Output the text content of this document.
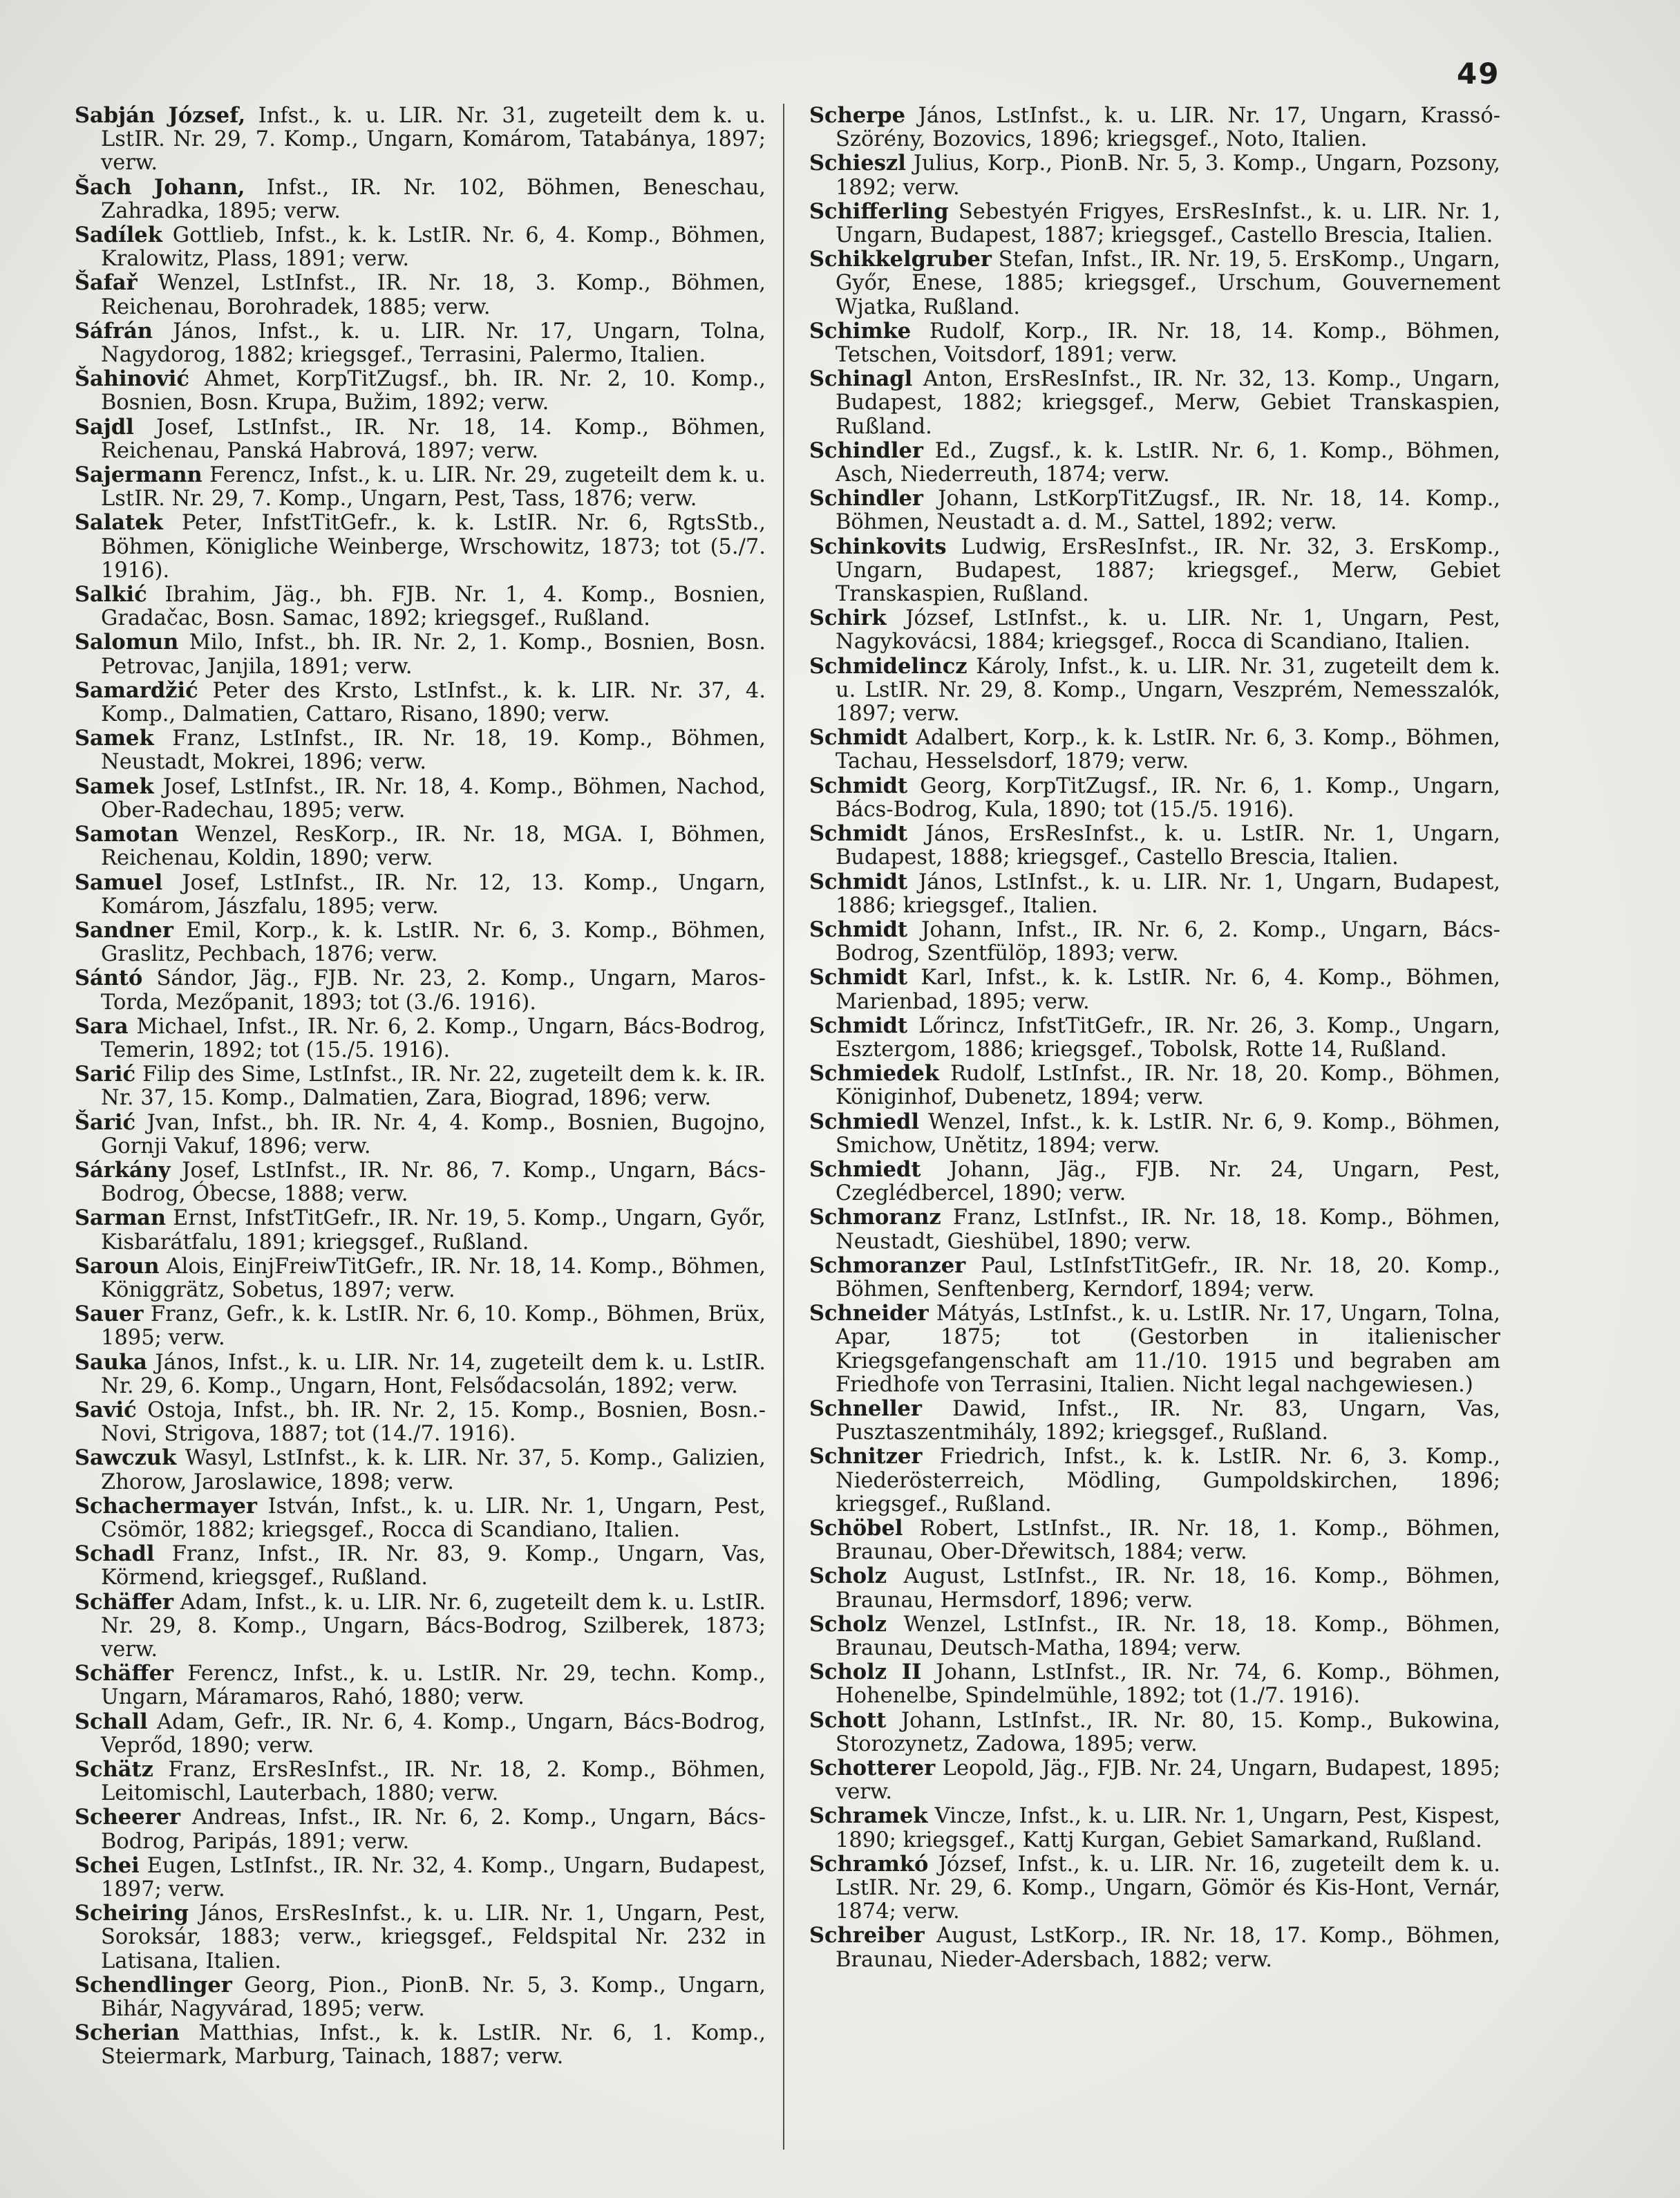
49
Sabján József, Infst., k. u. LIR. Nr. 31, zugeteilt dem k. u. LstIR. Nr. 29, 7. Komp., Ungarn, Komárom, Tatabánya, 1897; verw.
Šach Johann, Infst., IR. Nr. 102, Böhmen, Beneschau, Zahradka, 1895; verw.
Sadílek Gottlieb, Infst., k. k. LstIR. Nr. 6, 4. Komp., Böhmen, Kralowitz, Plass, 1891; verw.
Šafař Wenzel, LstInfst., IR. Nr. 18, 3. Komp., Böhmen, Reichenau, Borohradek, 1885; verw.
Sáfrán János, Infst., k. u. LIR. Nr. 17, Ungarn, Tolna, Nagydorog, 1882; kriegsgef., Terrasini, Palermo, Italien.
Šahinović Ahmet, KorpTitZugsf., bh. IR. Nr. 2, 10. Komp., Bosnien, Bosn. Krupa, Bužim, 1892; verw.
Sajdl Josef, LstInfst., IR. Nr. 18, 14. Komp., Böhmen, Reichenau, Panská Habrová, 1897; verw.
Sajermann Ferencz, Infst., k. u. LIR. Nr. 29, zugeteilt dem k. u. LstIR. Nr. 29, 7. Komp., Ungarn, Pest, Tass, 1876; verw.
Salatek Peter, InfstTitGefr., k. k. LstIR. Nr. 6, RgtsStb., Böhmen, Königliche Weinberge, Wrschowitz, 1873; tot (5./7. 1916).
Salkić Ibrahim, Jäg., bh. FJB. Nr. 1, 4. Komp., Bosnien, Gradačac, Bosn. Samac, 1892; kriegsgef., Rußland.
Salomun Milo, Infst., bh. IR. Nr. 2, 1. Komp., Bosnien, Bosn. Petrovac, Janjila, 1891; verw.
Samardžić Peter des Krsto, LstInfst., k. k. LIR. Nr. 37, 4. Komp., Dalmatien, Cattaro, Risano, 1890; verw.
Samek Franz, LstInfst., IR. Nr. 18, 19. Komp., Böhmen, Neustadt, Mokrei, 1896; verw.
Samek Josef, LstInfst., IR. Nr. 18, 4. Komp., Böhmen, Nachod, Ober-Radechau, 1895; verw.
Samotan Wenzel, ResKorp., IR. Nr. 18, MGA. I, Böhmen, Reichenau, Koldin, 1890; verw.
Samuel Josef, LstInfst., IR. Nr. 12, 13. Komp., Ungarn, Komárom, Jászfalu, 1895; verw.
Sandner Emil, Korp., k. k. LstIR. Nr. 6, 3. Komp., Böhmen, Graslitz, Pechbach, 1876; verw.
Sántó Sándor, Jäg., FJB. Nr. 23, 2. Komp., Ungarn, Maros-Torda, Mezőpanit, 1893; tot (3./6. 1916).
Sara Michael, Infst., IR. Nr. 6, 2. Komp., Ungarn, Bács-Bodrog, Temerin, 1892; tot (15./5. 1916).
Sarić Filip des Sime, LstInfst., IR. Nr. 22, zugeteilt dem k. k. IR. Nr. 37, 15. Komp., Dalmatien, Zara, Biograd, 1896; verw.
Šarić Jvan, Infst., bh. IR. Nr. 4, 4. Komp., Bosnien, Bugojno, Gornji Vakuf, 1896; verw.
Sárkány Josef, LstInfst., IR. Nr. 86, 7. Komp., Ungarn, Bács-Bodrog, Óbecse, 1888; verw.
Sarman Ernst, InfstTitGefr., IR. Nr. 19, 5. Komp., Ungarn, Győr, Kisbarátfalu, 1891; kriegsgef., Rußland.
Saroun Alois, EinjFreiwTitGefr., IR. Nr. 18, 14. Komp., Böhmen, Königgrätz, Sobetus, 1897; verw.
Sauer Franz, Gefr., k. k. LstIR. Nr. 6, 10. Komp., Böhmen, Brüx, 1895; verw.
Sauka János, Infst., k. u. LIR. Nr. 14, zugeteilt dem k. u. LstIR. Nr. 29, 6. Komp., Ungarn, Hont, Felsődacsolán, 1892; verw.
Savić Ostoja, Infst., bh. IR. Nr. 2, 15. Komp., Bosnien, Bosn.-Novi, Strigova, 1887; tot (14./7. 1916).
Sawczuk Wasyl, LstInfst., k. k. LIR. Nr. 37, 5. Komp., Galizien, Zhorow, Jaroslawice, 1898; verw.
Schachermayer István, Infst., k. u. LIR. Nr. 1, Ungarn, Pest, Csömör, 1882; kriegsgef., Rocca di Scandiano, Italien.
Schadl Franz, Infst., IR. Nr. 83, 9. Komp., Ungarn, Vas, Körmend, kriegsgef., Rußland.
Schäffer Adam, Infst., k. u. LIR. Nr. 6, zugeteilt dem k. u. LstIR. Nr. 29, 8. Komp., Ungarn, Bács-Bodrog, Szilberek, 1873; verw.
Schäffer Ferencz, Infst., k. u. LstIR. Nr. 29, techn. Komp., Ungarn, Máramaros, Rahó, 1880; verw.
Schall Adam, Gefr., IR. Nr. 6, 4. Komp., Ungarn, Bács-Bodrog, Veprőd, 1890; verw.
Schätz Franz, ErsResInfst., IR. Nr. 18, 2. Komp., Böhmen, Leitomischl, Lauterbach, 1880; verw.
Scheerer Andreas, Infst., IR. Nr. 6, 2. Komp., Ungarn, Bács-Bodrog, Paripás, 1891; verw.
Schei Eugen, LstInfst., IR. Nr. 32, 4. Komp., Ungarn, Budapest, 1897; verw.
Scheiring János, ErsResInfst., k. u. LIR. Nr. 1, Ungarn, Pest, Soroksár, 1883; verw., kriegsgef., Feldspital Nr. 232 in Latisana, Italien.
Schendlinger Georg, Pion., PionB. Nr. 5, 3. Komp., Ungarn, Bihár, Nagyvárad, 1895; verw.
Scherian Matthias, Infst., k. k. LstIR. Nr. 6, 1. Komp., Steiermark, Marburg, Tainach, 1887; verw.
Scherpe János, LstInfst., k. u. LIR. Nr. 17, Ungarn, Krassó-Szörény, Bozovics, 1896; kriegsgef., Noto, Italien.
Schieszl Julius, Korp., PionB. Nr. 5, 3. Komp., Ungarn, Pozsony, 1892; verw.
Schifferling Sebestyén Frigyes, ErsResInfst., k. u. LIR. Nr. 1, Ungarn, Budapest, 1887; kriegsgef., Castello Brescia, Italien.
Schikkelgruber Stefan, Infst., IR. Nr. 19, 5. ErsKomp., Ungarn, Győr, Enese, 1885; kriegsgef., Urschum, Gouvernement Wjatka, Rußland.
Schimke Rudolf, Korp., IR. Nr. 18, 14. Komp., Böhmen, Tetschen, Voitsdorf, 1891; verw.
Schinagl Anton, ErsResInfst., IR. Nr. 32, 13. Komp., Ungarn, Budapest, 1882; kriegsgef., Merw, Gebiet Transkaspien, Rußland.
Schindler Ed., Zugsf., k. k. LstIR. Nr. 6, 1. Komp., Böhmen, Asch, Niederreuth, 1874; verw.
Schindler Johann, LstKorpTitZugsf., IR. Nr. 18, 14. Komp., Böhmen, Neustadt a. d. M., Sattel, 1892; verw.
Schinkovits Ludwig, ErsResInfst., IR. Nr. 32, 3. ErsKomp., Ungarn, Budapest, 1887; kriegsgef., Merw, Gebiet Transkaspien, Rußland.
Schirk József, LstInfst., k. u. LIR. Nr. 1, Ungarn, Pest, Nagykovácsi, 1884; kriegsgef., Rocca di Scandiano, Italien.
Schmidelincz Károly, Infst., k. u. LIR. Nr. 31, zugeteilt dem k. u. LstIR. Nr. 29, 8. Komp., Ungarn, Veszprém, Nemesszalók, 1897; verw.
Schmidt Adalbert, Korp., k. k. LstIR. Nr. 6, 3. Komp., Böhmen, Tachau, Hesselsdorf, 1879; verw.
Schmidt Georg, KorpTitZugsf., IR. Nr. 6, 1. Komp., Ungarn, Bács-Bodrog, Kula, 1890; tot (15./5. 1916).
Schmidt János, ErsResInfst., k. u. LstIR. Nr. 1, Ungarn, Budapest, 1888; kriegsgef., Castello Brescia, Italien.
Schmidt János, LstInfst., k. u. LIR. Nr. 1, Ungarn, Budapest, 1886; kriegsgef., Italien.
Schmidt Johann, Infst., IR. Nr. 6, 2. Komp., Ungarn, Bács-Bodrog, Szentfülöp, 1893; verw.
Schmidt Karl, Infst., k. k. LstIR. Nr. 6, 4. Komp., Böhmen, Marienbad, 1895; verw.
Schmidt Lőrincz, InfstTitGefr., IR. Nr. 26, 3. Komp., Ungarn, Esztergom, 1886; kriegsgef., Tobolsk, Rotte 14, Rußland.
Schmiedek Rudolf, LstInfst., IR. Nr. 18, 20. Komp., Böhmen, Königinhof, Dubenetz, 1894; verw.
Schmiedl Wenzel, Infst., k. k. LstIR. Nr. 6, 9. Komp., Böhmen, Smichow, Unětitz, 1894; verw.
Schmiedt Johann, Jäg., FJB. Nr. 24, Ungarn, Pest, Czeglédbercel, 1890; verw.
Schmoranz Franz, LstInfst., IR. Nr. 18, 18. Komp., Böhmen, Neustadt, Gieshübel, 1890; verw.
Schmoranzer Paul, LstInfstTitGefr., IR. Nr. 18, 20. Komp., Böhmen, Senftenberg, Kerndorf, 1894; verw.
Schneider Mátyás, LstInfst., k. u. LstIR. Nr. 17, Ungarn, Tolna, Apar, 1875; tot (Gestorben in italienischer Kriegsgefangenschaft am 11./10. 1915 und begraben am Friedhofe von Terrasini, Italien. Nicht legal nachgewiesen.)
Schneller Dawid, Infst., IR. Nr. 83, Ungarn, Vas, Pusztaszentmihály, 1892; kriegsgef., Rußland.
Schnitzer Friedrich, Infst., k. k. LstIR. Nr. 6, 3. Komp., Niederösterreich, Mödling, Gumpoldskirchen, 1896; kriegsgef., Rußland.
Schöbel Robert, LstInfst., IR. Nr. 18, 1. Komp., Böhmen, Braunau, Ober-Dřewitsch, 1884; verw.
Scholz August, LstInfst., IR. Nr. 18, 16. Komp., Böhmen, Braunau, Hermsdorf, 1896; verw.
Scholz Wenzel, LstInfst., IR. Nr. 18, 18. Komp., Böhmen, Braunau, Deutsch-Matha, 1894; verw.
Scholz II Johann, LstInfst., IR. Nr. 74, 6. Komp., Böhmen, Hohenelbe, Spindelmühle, 1892; tot (1./7. 1916).
Schott Johann, LstInfst., IR. Nr. 80, 15. Komp., Bukowina, Storozynetz, Zadowa, 1895; verw.
Schotterer Leopold, Jäg., FJB. Nr. 24, Ungarn, Budapest, 1895; verw.
Schramek Vincze, Infst., k. u. LIR. Nr. 1, Ungarn, Pest, Kispest, 1890; kriegsgef., Kattj Kurgan, Gebiet Samarkand, Rußland.
Schramkó József, Infst., k. u. LIR. Nr. 16, zugeteilt dem k. u. LstIR. Nr. 29, 6. Komp., Ungarn, Gömör és Kis-Hont, Vernár, 1874; verw.
Schreiber August, LstKorp., IR. Nr. 18, 17. Komp., Böhmen, Braunau, Nieder-Adersbach, 1882; verw.
